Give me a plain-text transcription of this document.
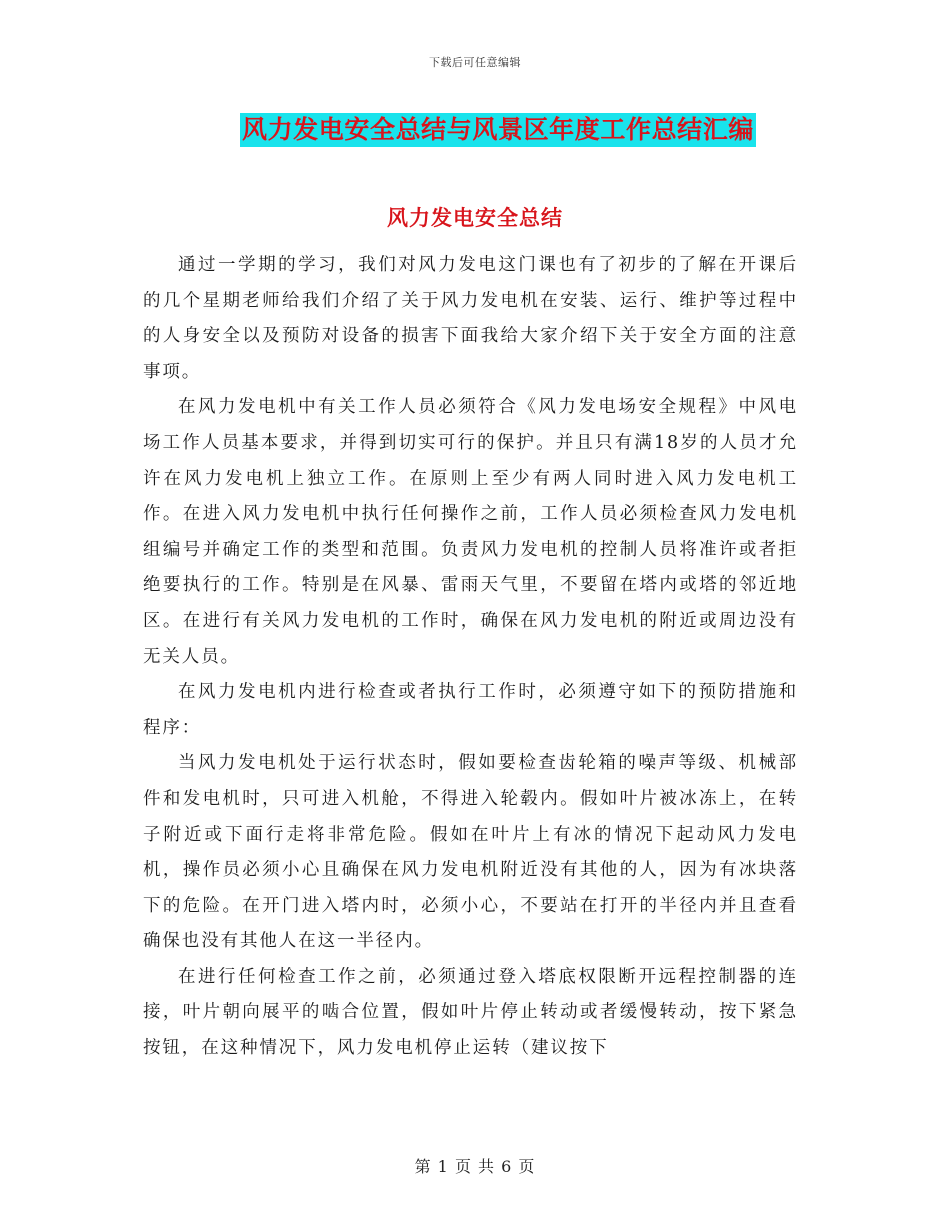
下载后可任意编辑
风力发电安全总结与风景区年度工作总结汇编
风力发电安全总结

通过一学期的学习，我们对风力发电这门课也有了初步的了解在开课后的几个星期老师给我们介绍了关于风力发电机在安装、运行、维护等过程中的人身安全以及预防对设备的损害下面我给大家介绍下关于安全方面的注意事项。

在风力发电机中有关工作人员必须符合《风力发电场安全规程》中风电场工作人员基本要求，并得到切实可行的保护。并且只有满18岁的人员才允许在风力发电机上独立工作。在原则上至少有两人同时进入风力发电机工作。在进入风力发电机中执行任何操作之前，工作人员必须检查风力发电机组编号并确定工作的类型和范围。负责风力发电机的控制人员将准许或者拒绝要执行的工作。特别是在风暴、雷雨天气里，不要留在塔内或塔的邻近地区。在进行有关风力发电机的工作时，确保在风力发电机的附近或周边没有无关人员。

在风力发电机内进行检查或者执行工作时，必须遵守如下的预防措施和程序：

当风力发电机处于运行状态时，假如要检查齿轮箱的噪声等级、机械部件和发电机时，只可进入机舱，不得进入轮毂内。假如叶片被冰冻上，在转子附近或下面行走将非常危险。假如在叶片上有冰的情况下起动风力发电机，操作员必须小心且确保在风力发电机附近没有其他的人，因为有冰块落下的危险。在开门进入塔内时，必须小心，不要站在打开的半径内并且查看确保也没有其他人在这一半径内。

在进行任何检查工作之前，必须通过登入塔底权限断开远程控制器的连接，叶片朝向展平的啮合位置，假如叶片停止转动或者缓慢转动，按下紧急按钮，在这种情况下，风力发电机停止运转（建议按下

第 1 页 共 6 页
